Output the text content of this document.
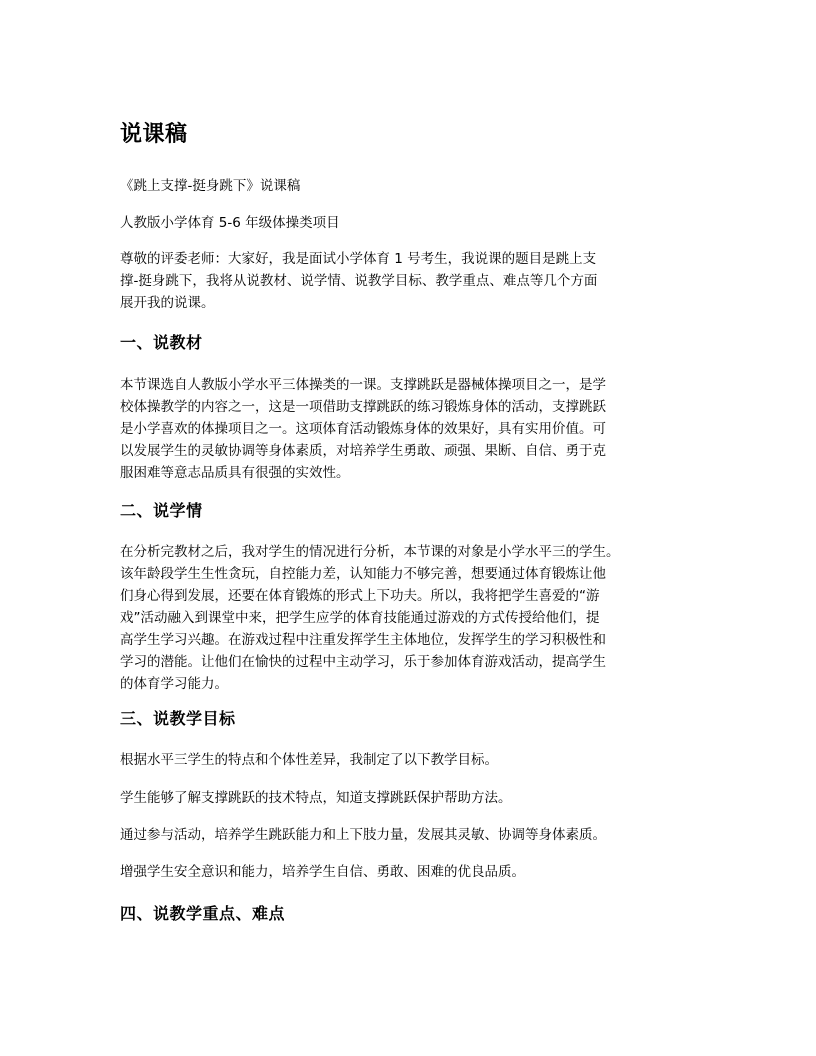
说课稿

《跳上支撑-挺身跳下》说课稿

人教版小学体育 5-6 年级体操类项目

尊敬的评委老师：大家好，我是面试小学体育 1 号考生，我说课的题目是跳上支
撑-挺身跳下，我将从说教材、说学情、说教学目标、教学重点、难点等几个方面
展开我的说课。
一、说教材
本节课选自人教版小学水平三体操类的一课。支撑跳跃是器械体操项目之一，是学
校体操教学的内容之一，这是一项借助支撑跳跃的练习锻炼身体的活动，支撑跳跃
是小学喜欢的体操项目之一。这项体育活动锻炼身体的效果好，具有实用价值。可
以发展学生的灵敏协调等身体素质，对培养学生勇敢、顽强、果断、自信、勇于克
服困难等意志品质具有很强的实效性。
二、说学情
在分析完教材之后，我对学生的情况进行分析，本节课的对象是小学水平三的学生。
该年龄段学生生性贪玩，自控能力差，认知能力不够完善，想要通过体育锻炼让他
们身心得到发展，还要在体育锻炼的形式上下功夫。所以，我将把学生喜爱的“游
戏”活动融入到课堂中来，把学生应学的体育技能通过游戏的方式传授给他们，提
高学生学习兴趣。在游戏过程中注重发挥学生主体地位，发挥学生的学习积极性和
学习的潜能。让他们在愉快的过程中主动学习，乐于参加体育游戏活动，提高学生
的体育学习能力。
三、说教学目标

根据水平三学生的特点和个体性差异，我制定了以下教学目标。

学生能够了解支撑跳跃的技术特点，知道支撑跳跃保护帮助方法。

通过参与活动，培养学生跳跃能力和上下肢力量，发展其灵敏、协调等身体素质。

增强学生安全意识和能力，培养学生自信、勇敢、困难的优良品质。

四、说教学重点、难点
